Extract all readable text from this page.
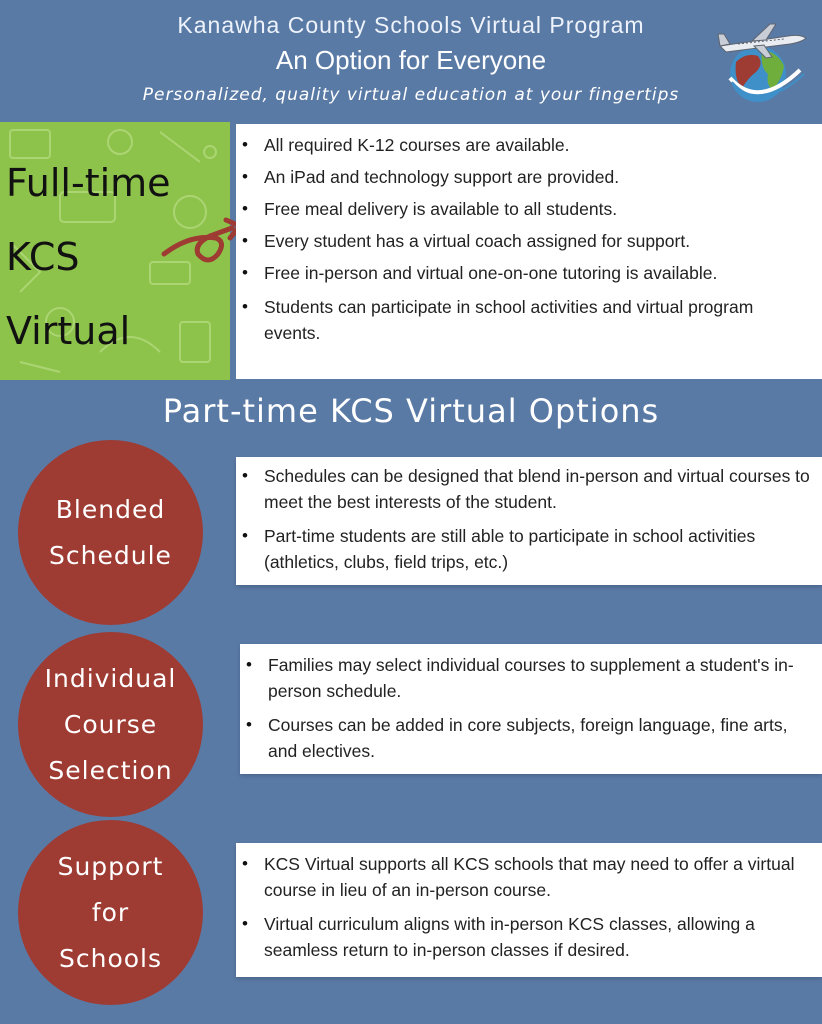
Kanawha County Schools Virtual Program
An Option for Everyone
Personalized, quality virtual education at your fingertips
Full-time
KCS
Virtual
• All required K-12 courses are available.
• An iPad and technology support are provided.
• Free meal delivery is available to all students.
• Every student has a virtual coach assigned for support.
• Free in-person and virtual one-on-one tutoring is available.
• Students can participate in school activities and virtual program events.
Part-time KCS Virtual Options
Blended
Schedule
• Schedules can be designed that blend in-person and virtual courses to meet the best interests of the student.
• Part-time students are still able to participate in school activities (athletics, clubs, field trips, etc.)
Individual
Course
Selection
• Families may select individual courses to supplement a student's in-person schedule.
• Courses can be added in core subjects, foreign language, fine arts, and electives.
Support
for
Schools
• KCS Virtual supports all KCS schools that may need to offer a virtual course in lieu of an in-person course.
• Virtual curriculum aligns with in-person KCS classes, allowing a seamless return to in-person classes if desired.
